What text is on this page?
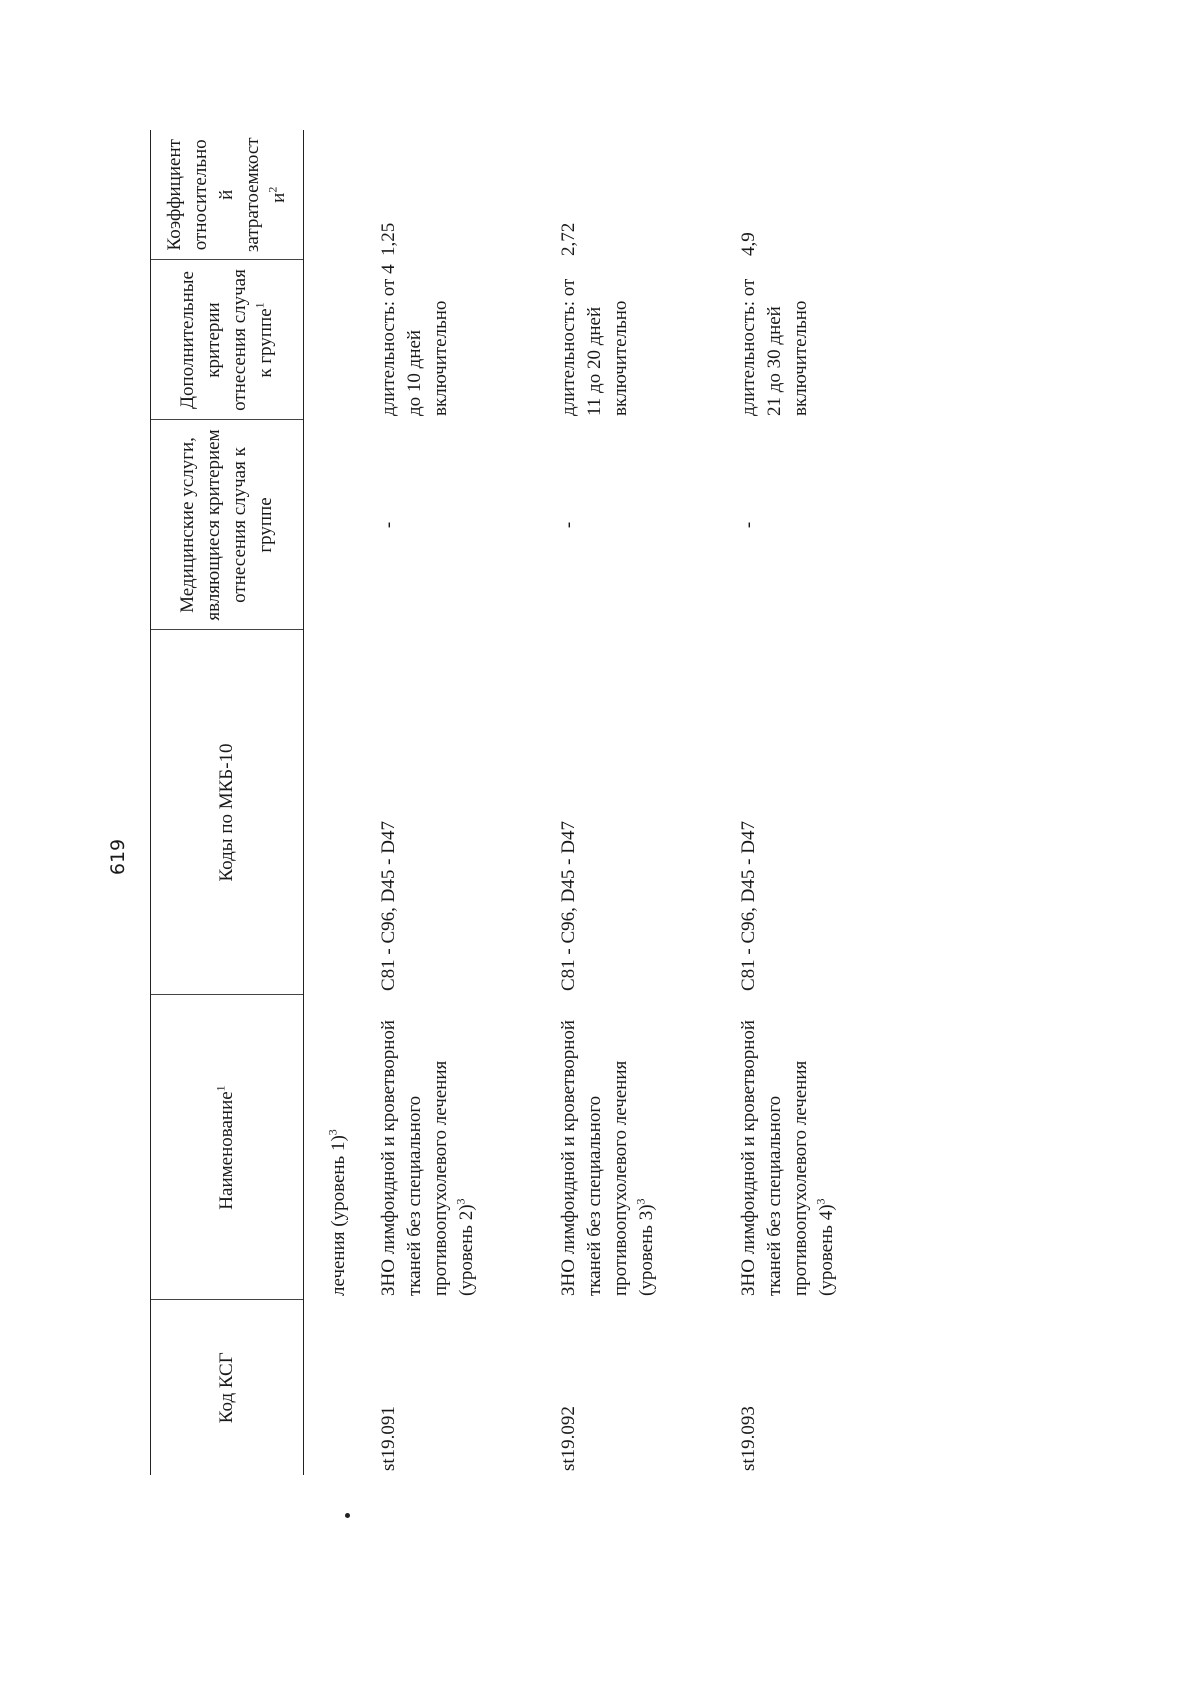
619
Код КСГ	Наименование$^1$	Коды по МКБ-10	Медицинские услуги, являющиеся критерием отнесения случая к группе	Дополнительные критерии отнесения случая к группе$^1$	Коэффициент относительно й затратоемкост $и^2$
	лечения (уровень 1)$^3$				
st19.091	ЗНО лимфоидной и кроветворной тканей без специального противоопухолевого лечения (уровень 2)$^3$	C81 - C96, D45 - D47	-	длительность: от 4 до 10 дней включительно	1,25
st19.092	ЗНО лимфоидной и кроветворной тканей без специального противоопухолевого лечения (уровень 3)$^3$	C81 - C96, D45 - D47	-	длительность: от 11 до 20 дней включительно	2,72
st19.093	ЗНО лимфоидной и кроветворной тканей без специального противоопухолевого лечения (уровень 4)$^3$	C81 - C96, D45 - D47	-	длительность: от 21 до 30 дней включительно	4,9
